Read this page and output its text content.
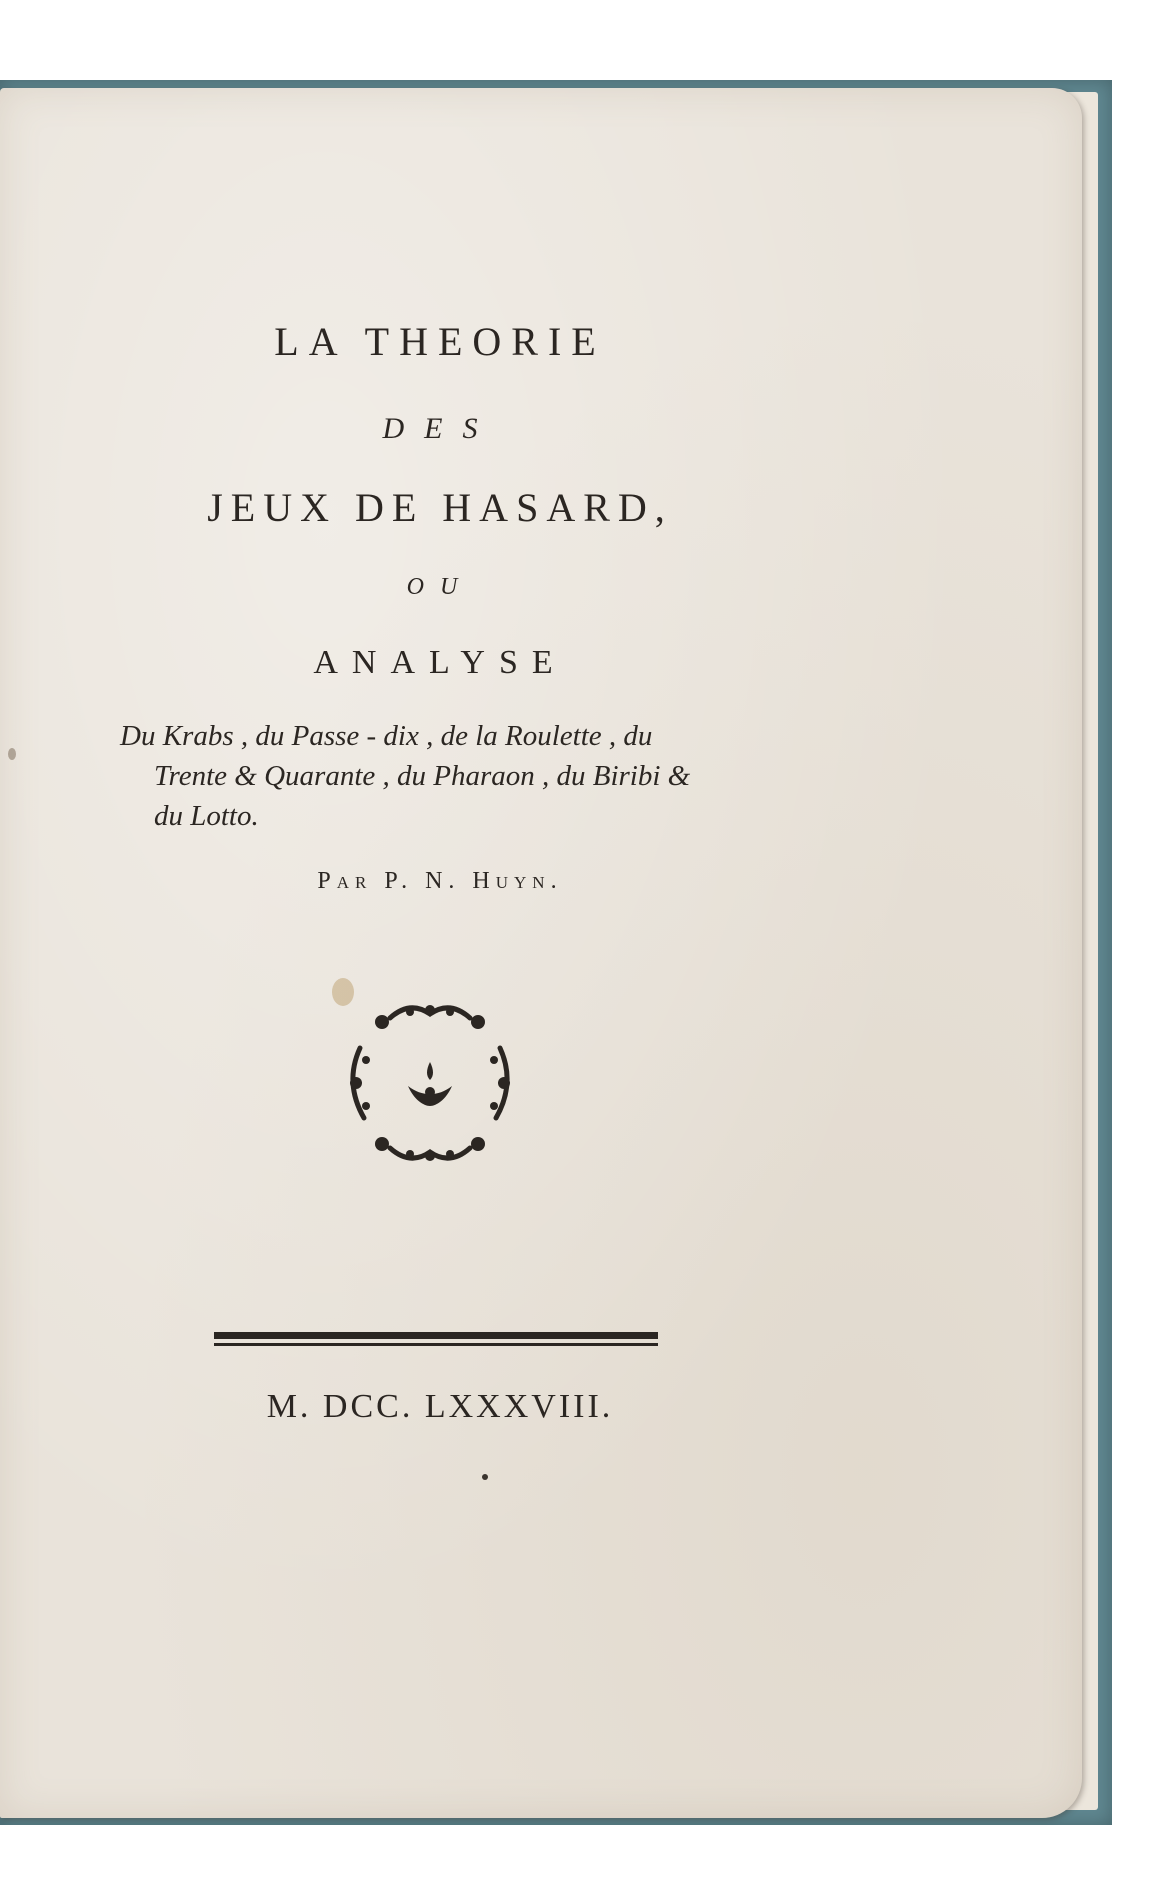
LA THEORIE
DES
JEUX DE HASARD,
OU
ANALYSE
Du Krabs , du Passe - dix , de la Roulette , du
Trente & Quarante , du Pharaon , du Biribi &
du Lotto.
Par P. N. Huyn.
M. DCC. LXXXVIII.
